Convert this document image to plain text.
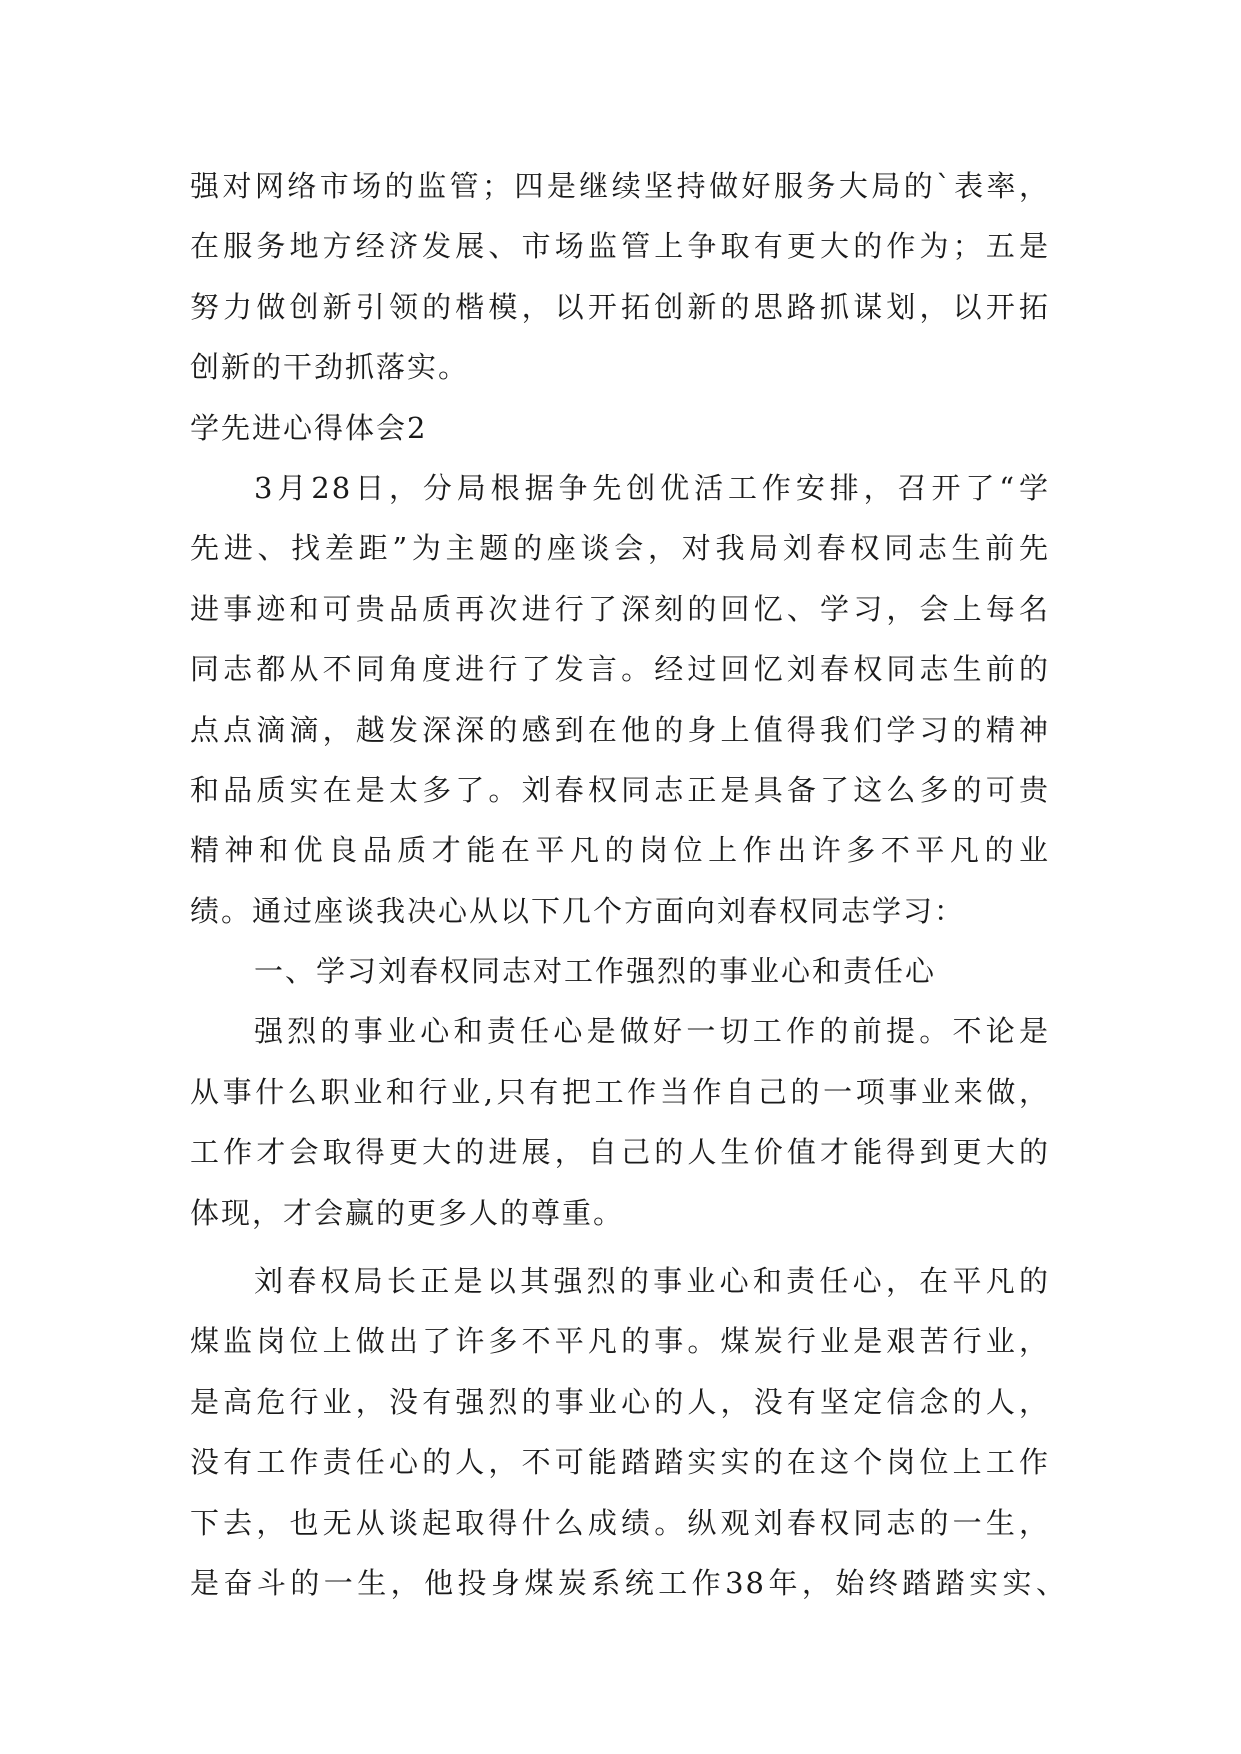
强对网络市场的监管；四是继续坚持做好服务大局的`表率，
在服务地方经济发展、市场监管上争取有更大的作为；五是
努力做创新引领的楷模，以开拓创新的思路抓谋划，以开拓
创新的干劲抓落实。
学先进心得体会2
3月28日，分局根据争先创优活工作安排，召开了“学
先进、找差距”为主题的座谈会，对我局刘春权同志生前先
进事迹和可贵品质再次进行了深刻的回忆、学习，会上每名
同志都从不同角度进行了发言。经过回忆刘春权同志生前的
点点滴滴，越发深深的感到在他的身上值得我们学习的精神
和品质实在是太多了。刘春权同志正是具备了这么多的可贵
精神和优良品质才能在平凡的岗位上作出许多不平凡的业
绩。通过座谈我决心从以下几个方面向刘春权同志学习：
一、学习刘春权同志对工作强烈的事业心和责任心
强烈的事业心和责任心是做好一切工作的前提。不论是
从事什么职业和行业,只有把工作当作自己的一项事业来做，
工作才会取得更大的进展，自己的人生价值才能得到更大的
体现，才会赢的更多人的尊重。
刘春权局长正是以其强烈的事业心和责任心，在平凡的
煤监岗位上做出了许多不平凡的事。煤炭行业是艰苦行业，
是高危行业，没有强烈的事业心的人，没有坚定信念的人，
没有工作责任心的人，不可能踏踏实实的在这个岗位上工作
下去，也无从谈起取得什么成绩。纵观刘春权同志的一生，
是奋斗的一生，他投身煤炭系统工作38年，始终踏踏实实、
